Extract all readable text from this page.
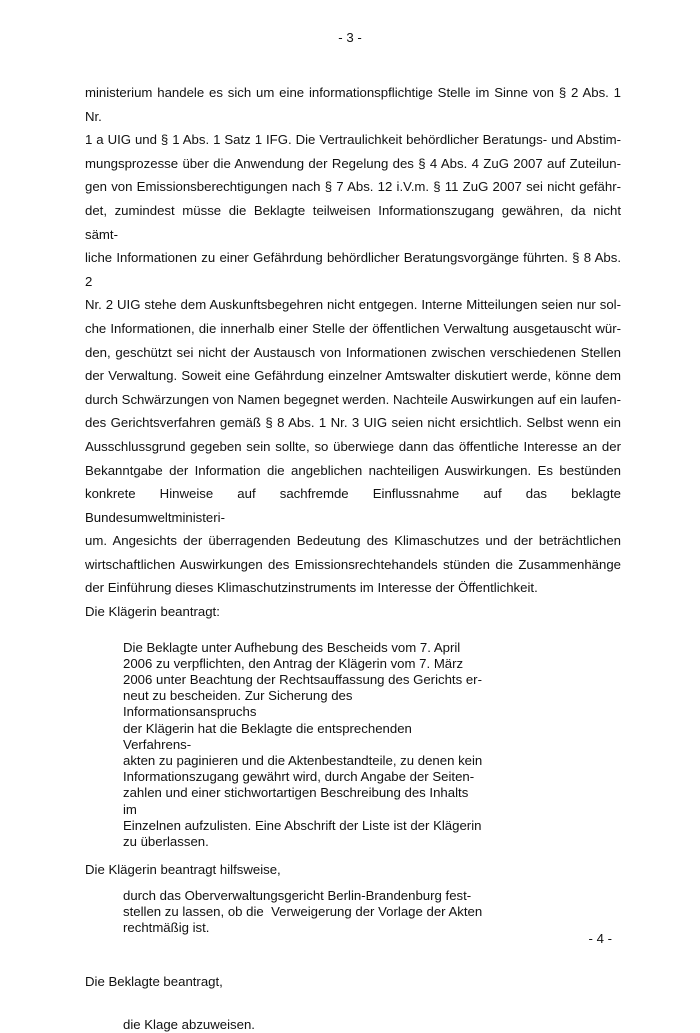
- 3 -
ministerium handele es sich um eine informationspflichtige Stelle im Sinne von § 2 Abs. 1 Nr.
1 a UIG und § 1 Abs. 1 Satz 1 IFG. Die Vertraulichkeit behördlicher Beratungs- und Abstim-
mungsprozesse über die Anwendung der Regelung des § 4 Abs. 4 ZuG 2007 auf Zuteilun-
gen von Emissionsberechtigungen nach § 7 Abs. 12 i.V.m. § 11 ZuG 2007 sei nicht gefähr-
det, zumindest müsse die Beklagte teilweisen Informationszugang gewähren, da nicht sämt-
liche Informationen zu einer Gefährdung behördlicher Beratungsvorgänge führten. § 8 Abs. 2
Nr. 2 UIG stehe dem Auskunftsbegehren nicht entgegen. Interne Mitteilungen seien nur sol-
che Informationen, die innerhalb einer Stelle der öffentlichen Verwaltung ausgetauscht wür-
den, geschützt sei nicht der Austausch von Informationen zwischen verschiedenen Stellen
der Verwaltung. Soweit eine Gefährdung einzelner Amtswalter diskutiert werde, könne dem
durch Schwärzungen von Namen begegnet werden. Nachteile Auswirkungen auf ein laufen-
des Gerichtsverfahren gemäß § 8 Abs. 1 Nr. 3 UIG seien nicht ersichtlich. Selbst wenn ein
Ausschlussgrund gegeben sein sollte, so überwiege dann das öffentliche Interesse an der
Bekanntgabe der Information die angeblichen nachteiligen Auswirkungen. Es bestünden
konkrete Hinweise auf sachfremde Einflussnahme auf das beklagte Bundesumweltministeri-
um. Angesichts der überragenden Bedeutung des Klimaschutzes und der beträchtlichen
wirtschaftlichen Auswirkungen des Emissionsrechtehandels stünden die Zusammenhänge
der Einführung dieses Klimaschutzinstruments im Interesse der Öffentlichkeit.
Die Klägerin beantragt:
Die Beklagte unter Aufhebung des Bescheids vom 7. April
2006 zu verpflichten, den Antrag der Klägerin vom 7. März
2006 unter Beachtung der Rechtsauffassung des Gerichts er-
neut zu bescheiden. Zur Sicherung des Informationsanspruchs
der Klägerin hat die Beklagte die entsprechenden Verfahrens-
akten zu paginieren und die Aktenbestandteile, zu denen kein
Informationszugang gewährt wird, durch Angabe der Seiten-
zahlen und einer stichwortartigen Beschreibung des Inhalts im
Einzelnen aufzulisten. Eine Abschrift der Liste ist der Klägerin
zu überlassen.
Die Klägerin beantragt hilfsweise,
durch das Oberverwaltungsgericht Berlin-Brandenburg fest-
stellen zu lassen, ob die  Verweigerung der Vorlage der Akten
rechtmäßig ist.
Die Beklagte beantragt,
die Klage abzuweisen.
- 4 -
